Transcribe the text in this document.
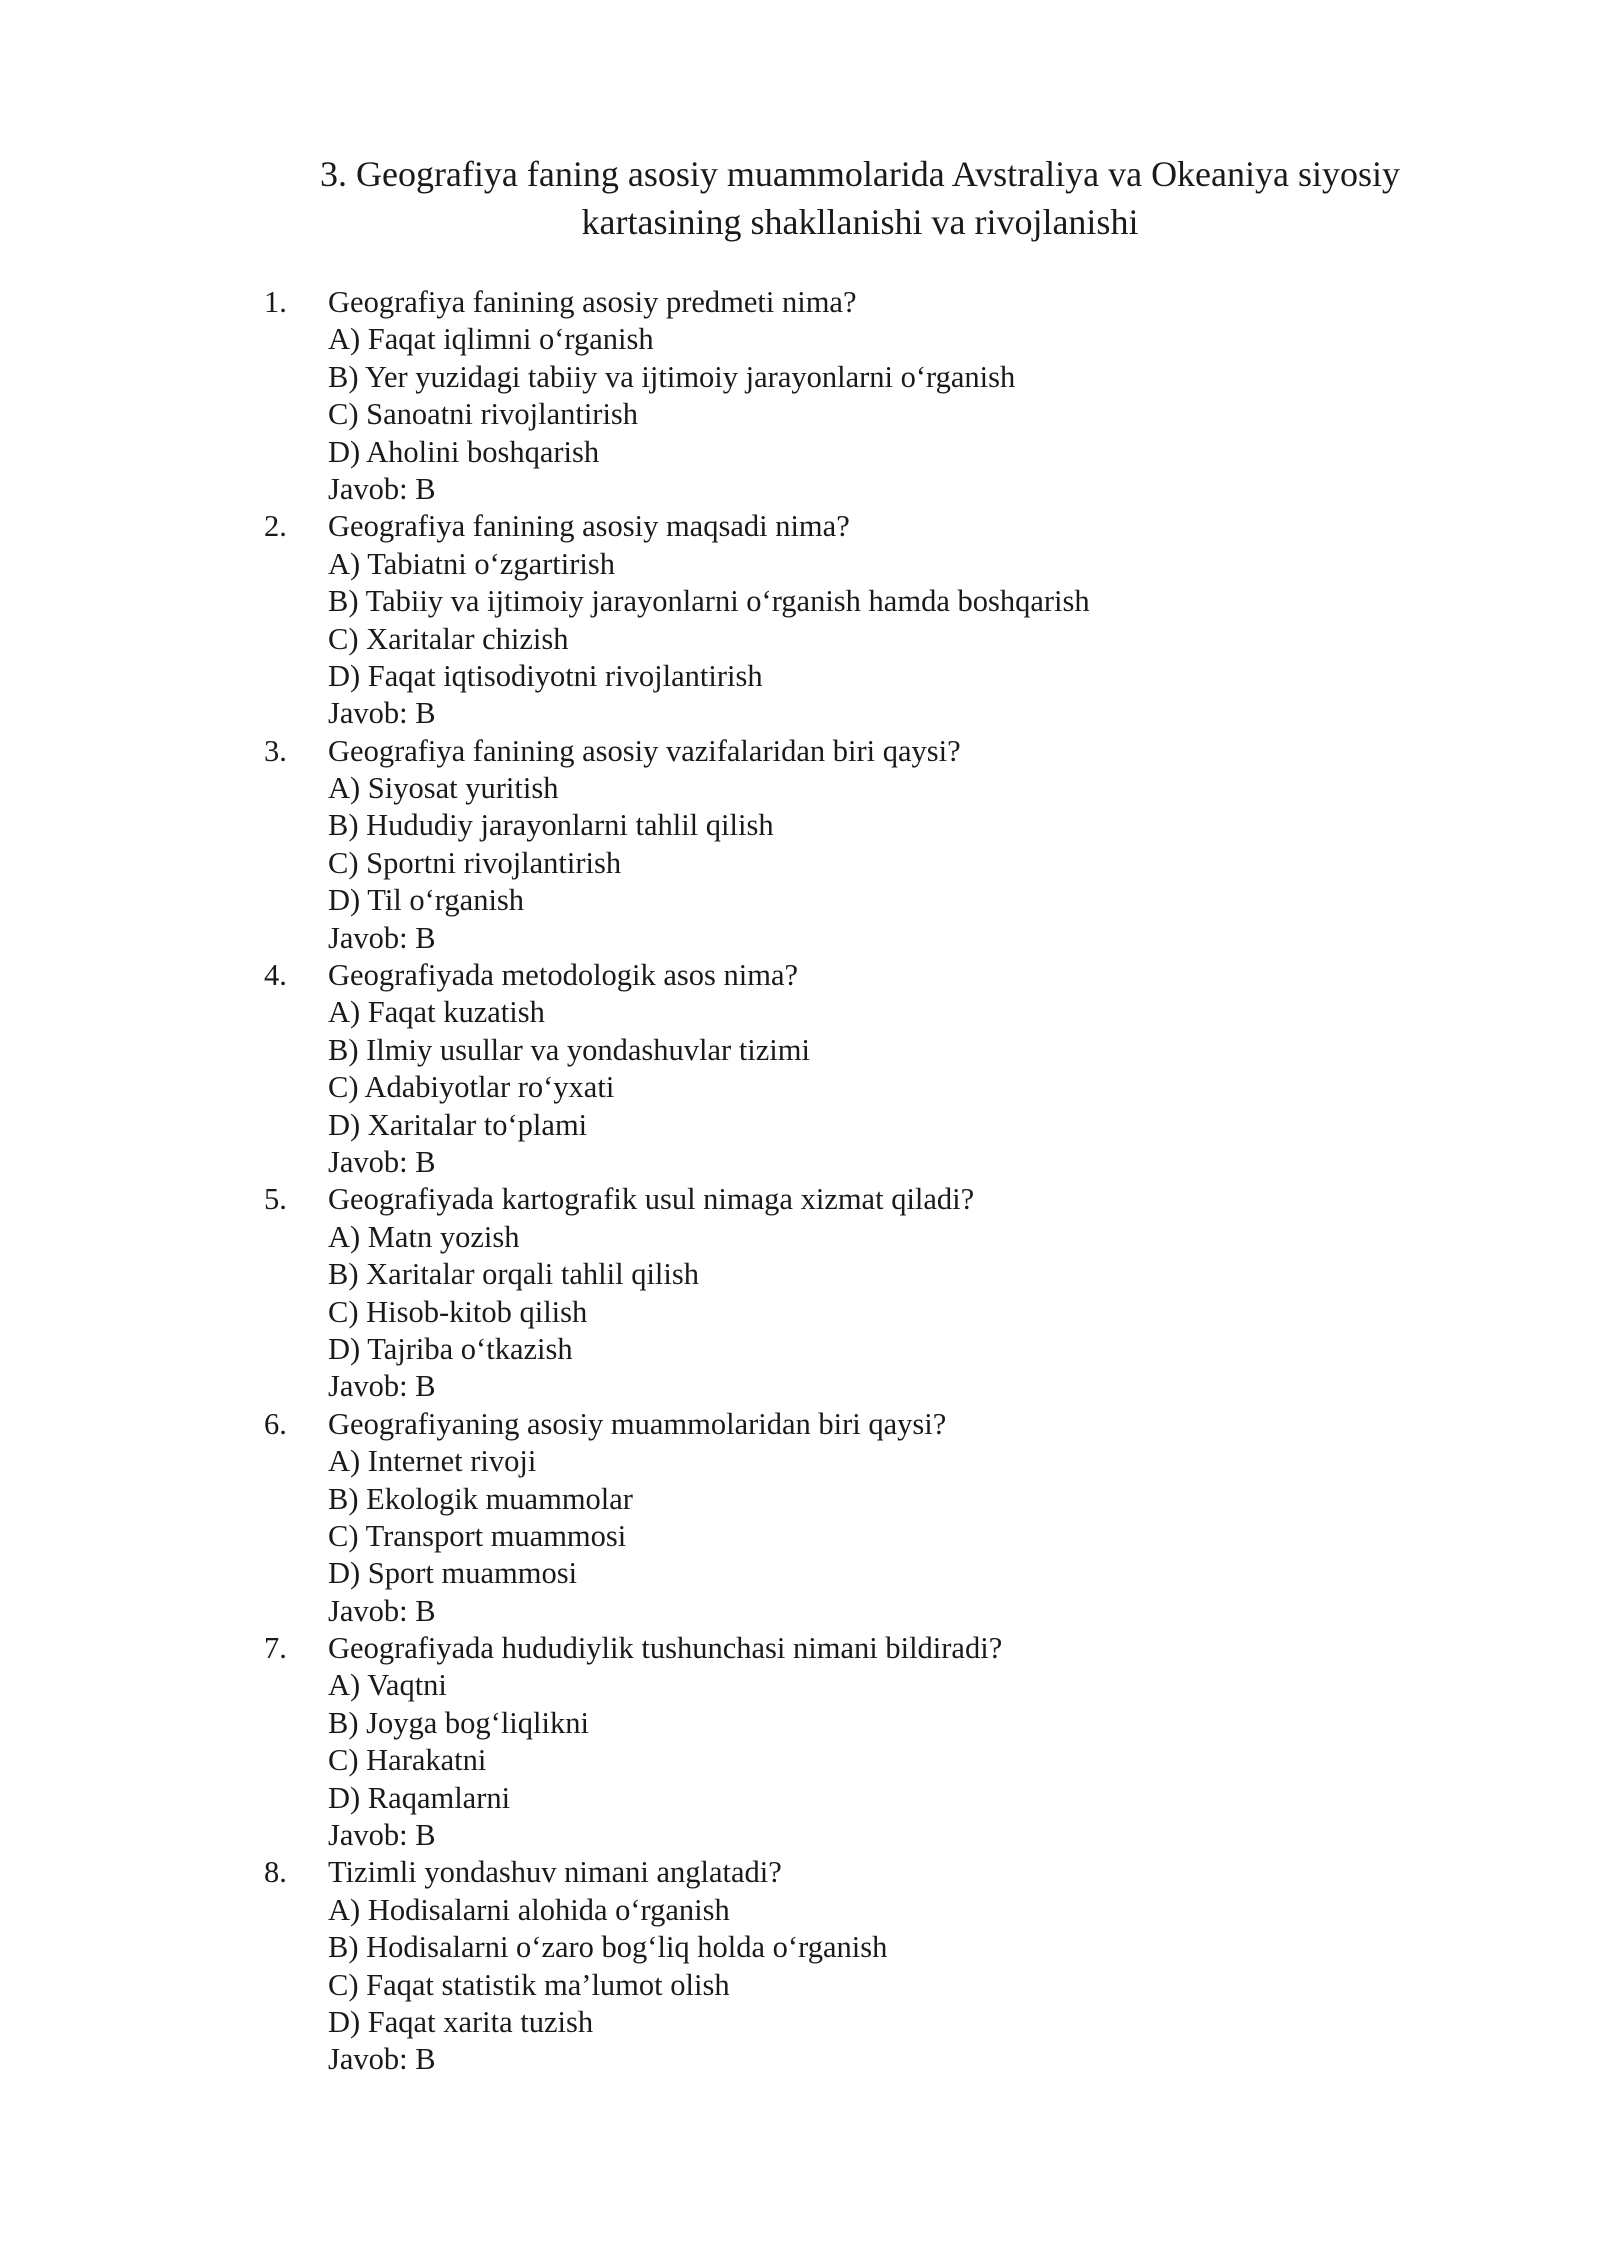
3. Geografiya faning asosiy muammolarida Avstraliya va Okeaniya siyosiy kartasining shakllanishi va rivojlanishi
1.	Geografiya fanining asosiy predmeti nima?
A) Faqat iqlimni o‘rganish
B) Yer yuzidagi tabiiy va ijtimoiy jarayonlarni o‘rganish
C) Sanoatni rivojlantirish
D) Aholini boshqarish
Javob: B
2.	Geografiya fanining asosiy maqsadi nima?
A) Tabiatni o‘zgartirish
B) Tabiiy va ijtimoiy jarayonlarni o‘rganish hamda boshqarish
C) Xaritalar chizish
D) Faqat iqtisodiyotni rivojlantirish
Javob: B
3.	Geografiya fanining asosiy vazifalaridan biri qaysi?
A) Siyosat yuritish
B) Hududiy jarayonlarni tahlil qilish
C) Sportni rivojlantirish
D) Til o‘rganish
Javob: B
4.	Geografiyada metodologik asos nima?
A) Faqat kuzatish
B) Ilmiy usullar va yondashuvlar tizimi
C) Adabiyotlar ro‘yxati
D) Xaritalar to‘plami
Javob: B
5.	Geografiyada kartografik usul nimaga xizmat qiladi?
A) Matn yozish
B) Xaritalar orqali tahlil qilish
C) Hisob-kitob qilish
D) Tajriba o‘tkazish
Javob: B
6.	Geografiyaning asosiy muammolaridan biri qaysi?
A) Internet rivoji
B) Ekologik muammolar
C) Transport muammosi
D) Sport muammosi
Javob: B
7.	Geografiyada hududiylik tushunchasi nimani bildiradi?
A) Vaqtni
B) Joyga bog‘liqlikni
C) Harakatni
D) Raqamlarni
Javob: B
8.	Tizimli yondashuv nimani anglatadi?
A) Hodisalarni alohida o‘rganish
B) Hodisalarni o‘zaro bog‘liq holda o‘rganish
C) Faqat statistik ma’lumot olish
D) Faqat xarita tuzish
Javob: B
